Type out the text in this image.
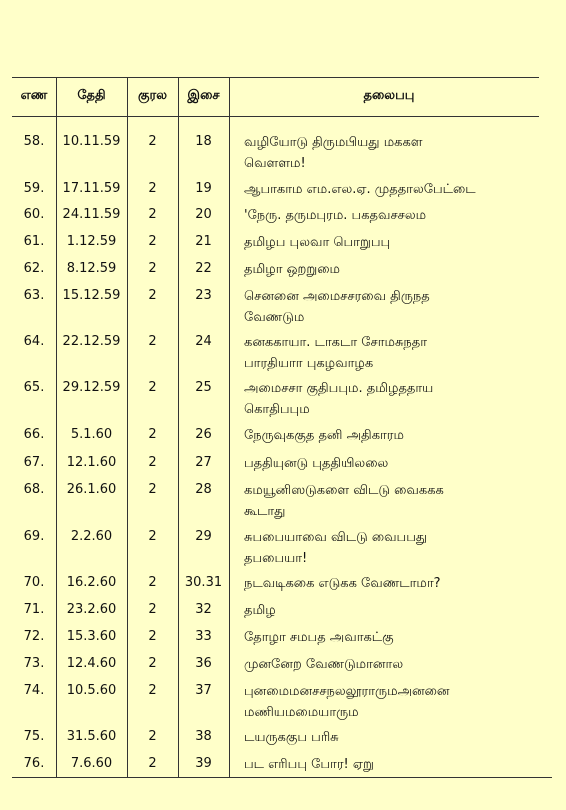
எண	தேதி	குரல	இசை	தலைபபு
58.	10.11.59	2	18	வழியோடு திருமபியது மககள
வெளளம!
59.	17.11.59	2	19	ஆபாகாம எம.எல.ஏ. முததாலபேட்டை
60.	24.11.59	2	20	'நேரு. தருமபுரம. பகதவசசலம
61.	1.12.59	2	21	தமிழப புலவா பொறுபபு
62.	8.12.59	2	22	தமிழா ஒறறுமை
63.	15.12.59	2	23	செனனை அமைசசரவை திருநத
வேணடும
64.	22.12.59	2	24	கனககாயா. டாகடா சோமசுநதா
பாரதியாா புகழவாழக
65.	29.12.59	2	25	அமைசசா குதிபபும. தமிழததாய
கொதிபபும
66.	5.1.60	2	26	நேருவுககுத தனி அதிகாரம
67.	12.1.60	2	27	பததியுனடு புததியிலலை
68.	26.1.60	2	28	கமயூனிஸடுகளை விடடு வைககக
கூடாது
69.	2.2.60	2	29	சுபபையாவை விடடு வைபபது
தபபையா!
70.	16.2.60	2	30.31	நடவடிககை எடுகக வேணடாமா?
71.	23.2.60	2	32	தமிழ
72.	15.3.60	2	33	தோழா சமபத அவாகட்கு
73.	12.4.60	2	36	முனனேற வேணடுமானால
74.	10.5.60	2	37	புனமைமனசசநலலூராருமஅனனை
மணியமமையாரும
75.	31.5.60	2	38	டயருககுப பரிசு
76.	7.6.60	2	39	பட எரிபபு போர! ஏறு
